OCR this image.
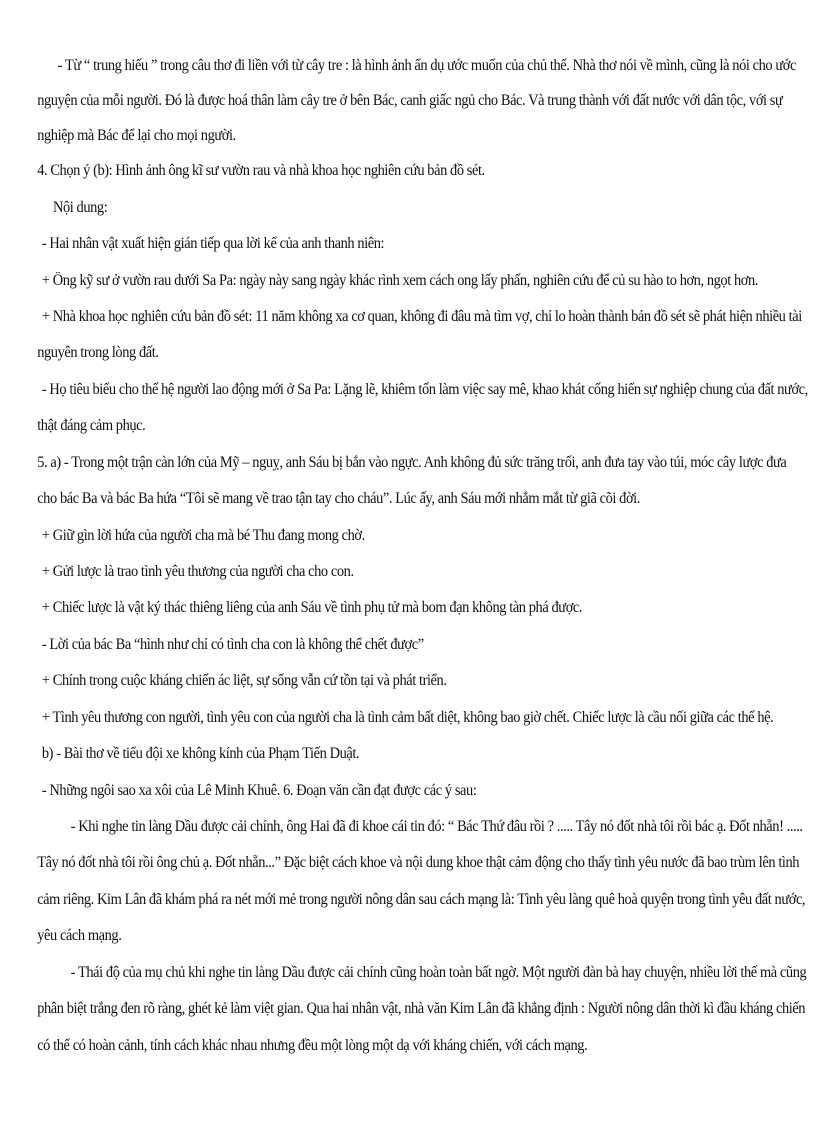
- Từ “ trung hiếu ” trong câu thơ đi liền với từ cây tre : là hình ảnh ẩn dụ ước muốn của chủ thể. Nhà thơ nói về mình, cũng là nói cho ước
nguyện của mỗi người. Đó là được hoá thân làm cây tre ở bên Bác, canh giấc ngủ cho Bác. Và trung thành với đất nước với dân tộc, với sự
nghiệp mà Bác để lại cho mọi người.
4. Chọn ý (b): Hình ảnh ông kĩ sư vườn rau và nhà khoa học nghiên cứu bản đồ sét.
Nội dung:
- Hai nhân vật xuất hiện gián tiếp qua lời kể của anh thanh niên:
+ Ông kỹ sư ở vườn rau dưới Sa Pa: ngày này sang ngày khác rình xem cách ong lấy phấn, nghiên cứu để củ su hào to hơn, ngọt hơn.
+ Nhà khoa học nghiên cứu bản đồ sét: 11 năm không xa cơ quan, không đi đâu mà tìm vợ, chỉ lo hoàn thành bản đồ sét sẽ phát hiện nhiều tài
nguyên trong lòng đất.
- Họ tiêu biểu cho thế hệ người lao động mới ở Sa Pa: Lặng lẽ, khiêm tốn làm việc say mê, khao khát cống hiến sự nghiệp chung của đất nước,
thật đáng cảm phục.
5. a) - Trong một trận càn lớn của Mỹ – nguỵ, anh Sáu bị bắn vào ngực. Anh không đủ sức trăng trối, anh đưa tay vào túi, móc cây lược đưa
cho bác Ba và bác Ba hứa “Tôi sẽ mang về trao tận tay cho cháu”. Lúc ấy, anh Sáu mới nhắm mắt từ giã cõi đời.
+ Giữ gìn lời hứa của người cha mà bé Thu đang mong chờ.
+ Gửi lược là trao tình yêu thương của người cha cho con.
+ Chiếc lược là vật ký thác thiêng liêng của anh Sáu về tình phụ tử mà bom đạn không tàn phá được.
- Lời của bác Ba “hình như chỉ có tình cha con là không thể chết được”
+ Chính trong cuộc kháng chiến ác liệt, sự sống vẫn cứ tồn tại và phát triển.
+ Tình yêu thương con người, tình yêu con của người cha là tình cảm bất diệt, không bao giờ chết. Chiếc lược là cầu nối giữa các thế hệ.
b) - Bài thơ về tiểu đội xe không kính của Phạm Tiến Duật.
- Những ngôi sao xa xôi của Lê Minh Khuê. 6. Đoạn văn cần đạt được các ý sau:
- Khi nghe tin làng Dầu được cải chính, ông Hai đã đi khoe cái tin đó: “ Bác Thứ đâu rồi ? ..... Tây nó đốt nhà tôi rồi bác ạ. Đốt nhẵn! .....
Tây nó đốt nhà tôi rồi ông chủ ạ. Đốt nhẵn...” Đặc biệt cách khoe và nội dung khoe thật cảm động cho thấy tình yêu nước đã bao trùm lên tình
cảm riêng. Kim Lân đã khám phá ra nét mới mẻ trong người nông dân sau cách mạng là: Tình yêu làng quê hoà quyện trong tình yêu đất nước,
yêu cách mạng.
- Thái độ của mụ chủ khi nghe tin làng Dầu được cải chính cũng hoàn toàn bất ngờ. Một người đàn bà hay chuyện, nhiều lời thế mà cũng
phân biệt trắng đen rõ ràng, ghét kẻ làm việt gian. Qua hai nhân vật, nhà văn Kim Lân đã khẳng định : Người nông dân thời kì đầu kháng chiến
có thể có hoàn cảnh, tính cách khác nhau nhưng đều một lòng một dạ với kháng chiến, với cách mạng.
